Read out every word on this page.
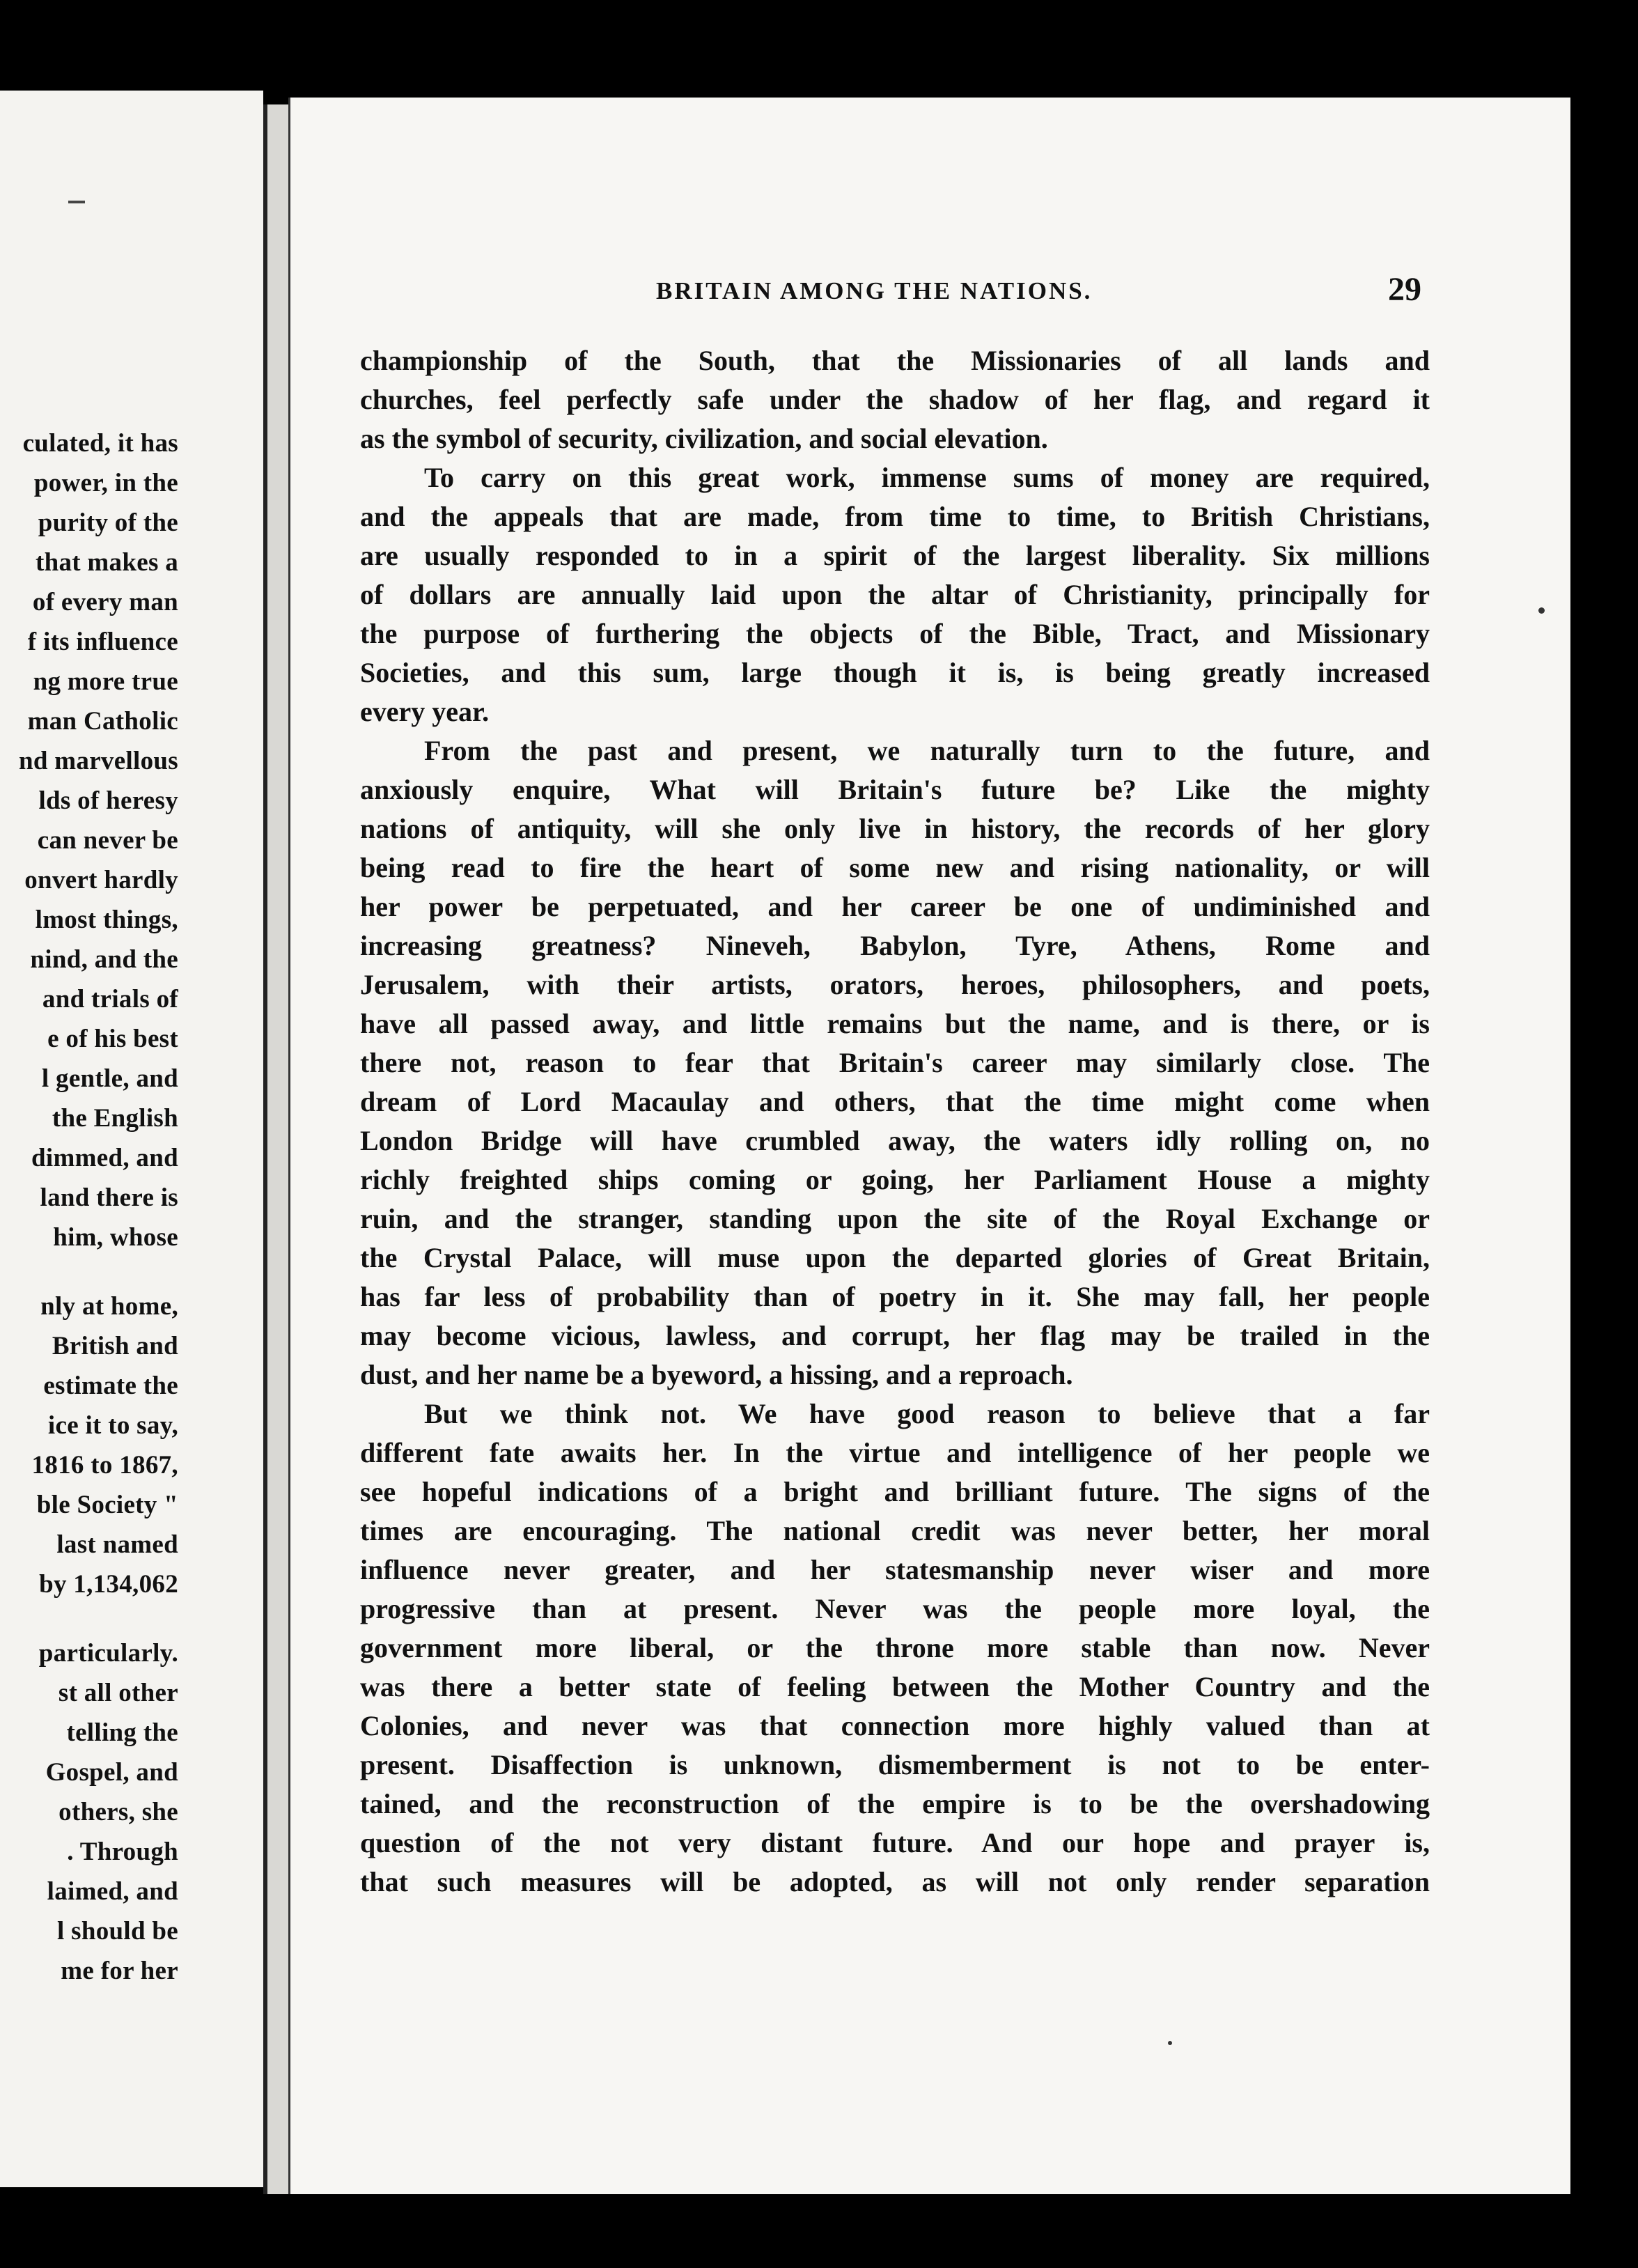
culated, it has
power, in the
purity of the
that makes a
of every man
f its influence
ng more true
man Catholic
nd marvellous
lds of heresy
can never be
onvert hardly
lmost things,
nind, and the
and trials of
e of his best
l gentle, and
the English
dimmed, and
land there is
him, whose
nly at home,
British and
estimate the
ice it to say,
1816 to 1867,
ble Society "
last named
by 1,134,062
particularly.
st all other
telling the
Gospel, and
others, she
. Through
laimed, and
l should be
me for her
BRITAIN AMONG THE NATIONS.	29
championship of the South, that the Missionaries of all lands and
churches, feel perfectly safe under the shadow of her flag, and regard it
as the symbol of security, civilization, and social elevation.
To carry on this great work, immense sums of money are required,
and the appeals that are made, from time to time, to British Christians,
are usually responded to in a spirit of the largest liberality. Six millions
of dollars are annually laid upon the altar of Christianity, principally for
the purpose of furthering the objects of the Bible, Tract, and Missionary
Societies, and this sum, large though it is, is being greatly increased
every year.
From the past and present, we naturally turn to the future, and
anxiously enquire, What will Britain's future be? Like the mighty
nations of antiquity, will she only live in history, the records of her glory
being read to fire the heart of some new and rising nationality, or will
her power be perpetuated, and her career be one of undiminished and
increasing greatness? Nineveh, Babylon, Tyre, Athens, Rome and
Jerusalem, with their artists, orators, heroes, philosophers, and poets,
have all passed away, and little remains but the name, and is there, or is
there not, reason to fear that Britain's career may similarly close. The
dream of Lord Macaulay and others, that the time might come when
London Bridge will have crumbled away, the waters idly rolling on, no
richly freighted ships coming or going, her Parliament House a mighty
ruin, and the stranger, standing upon the site of the Royal Exchange or
the Crystal Palace, will muse upon the departed glories of Great Britain,
has far less of probability than of poetry in it. She may fall, her people
may become vicious, lawless, and corrupt, her flag may be trailed in the
dust, and her name be a byeword, a hissing, and a reproach.
But we think not. We have good reason to believe that a far
different fate awaits her. In the virtue and intelligence of her people we
see hopeful indications of a bright and brilliant future. The signs of the
times are encouraging. The national credit was never better, her moral
influence never greater, and her statesmanship never wiser and more
progressive than at present. Never was the people more loyal, the
government more liberal, or the throne more stable than now. Never
was there a better state of feeling between the Mother Country and the
Colonies, and never was that connection more highly valued than at
present. Disaffection is unknown, dismemberment is not to be enter-
tained, and the reconstruction of the empire is to be the overshadowing
question of the not very distant future. And our hope and prayer is,
that such measures will be adopted, as will not only render separation
